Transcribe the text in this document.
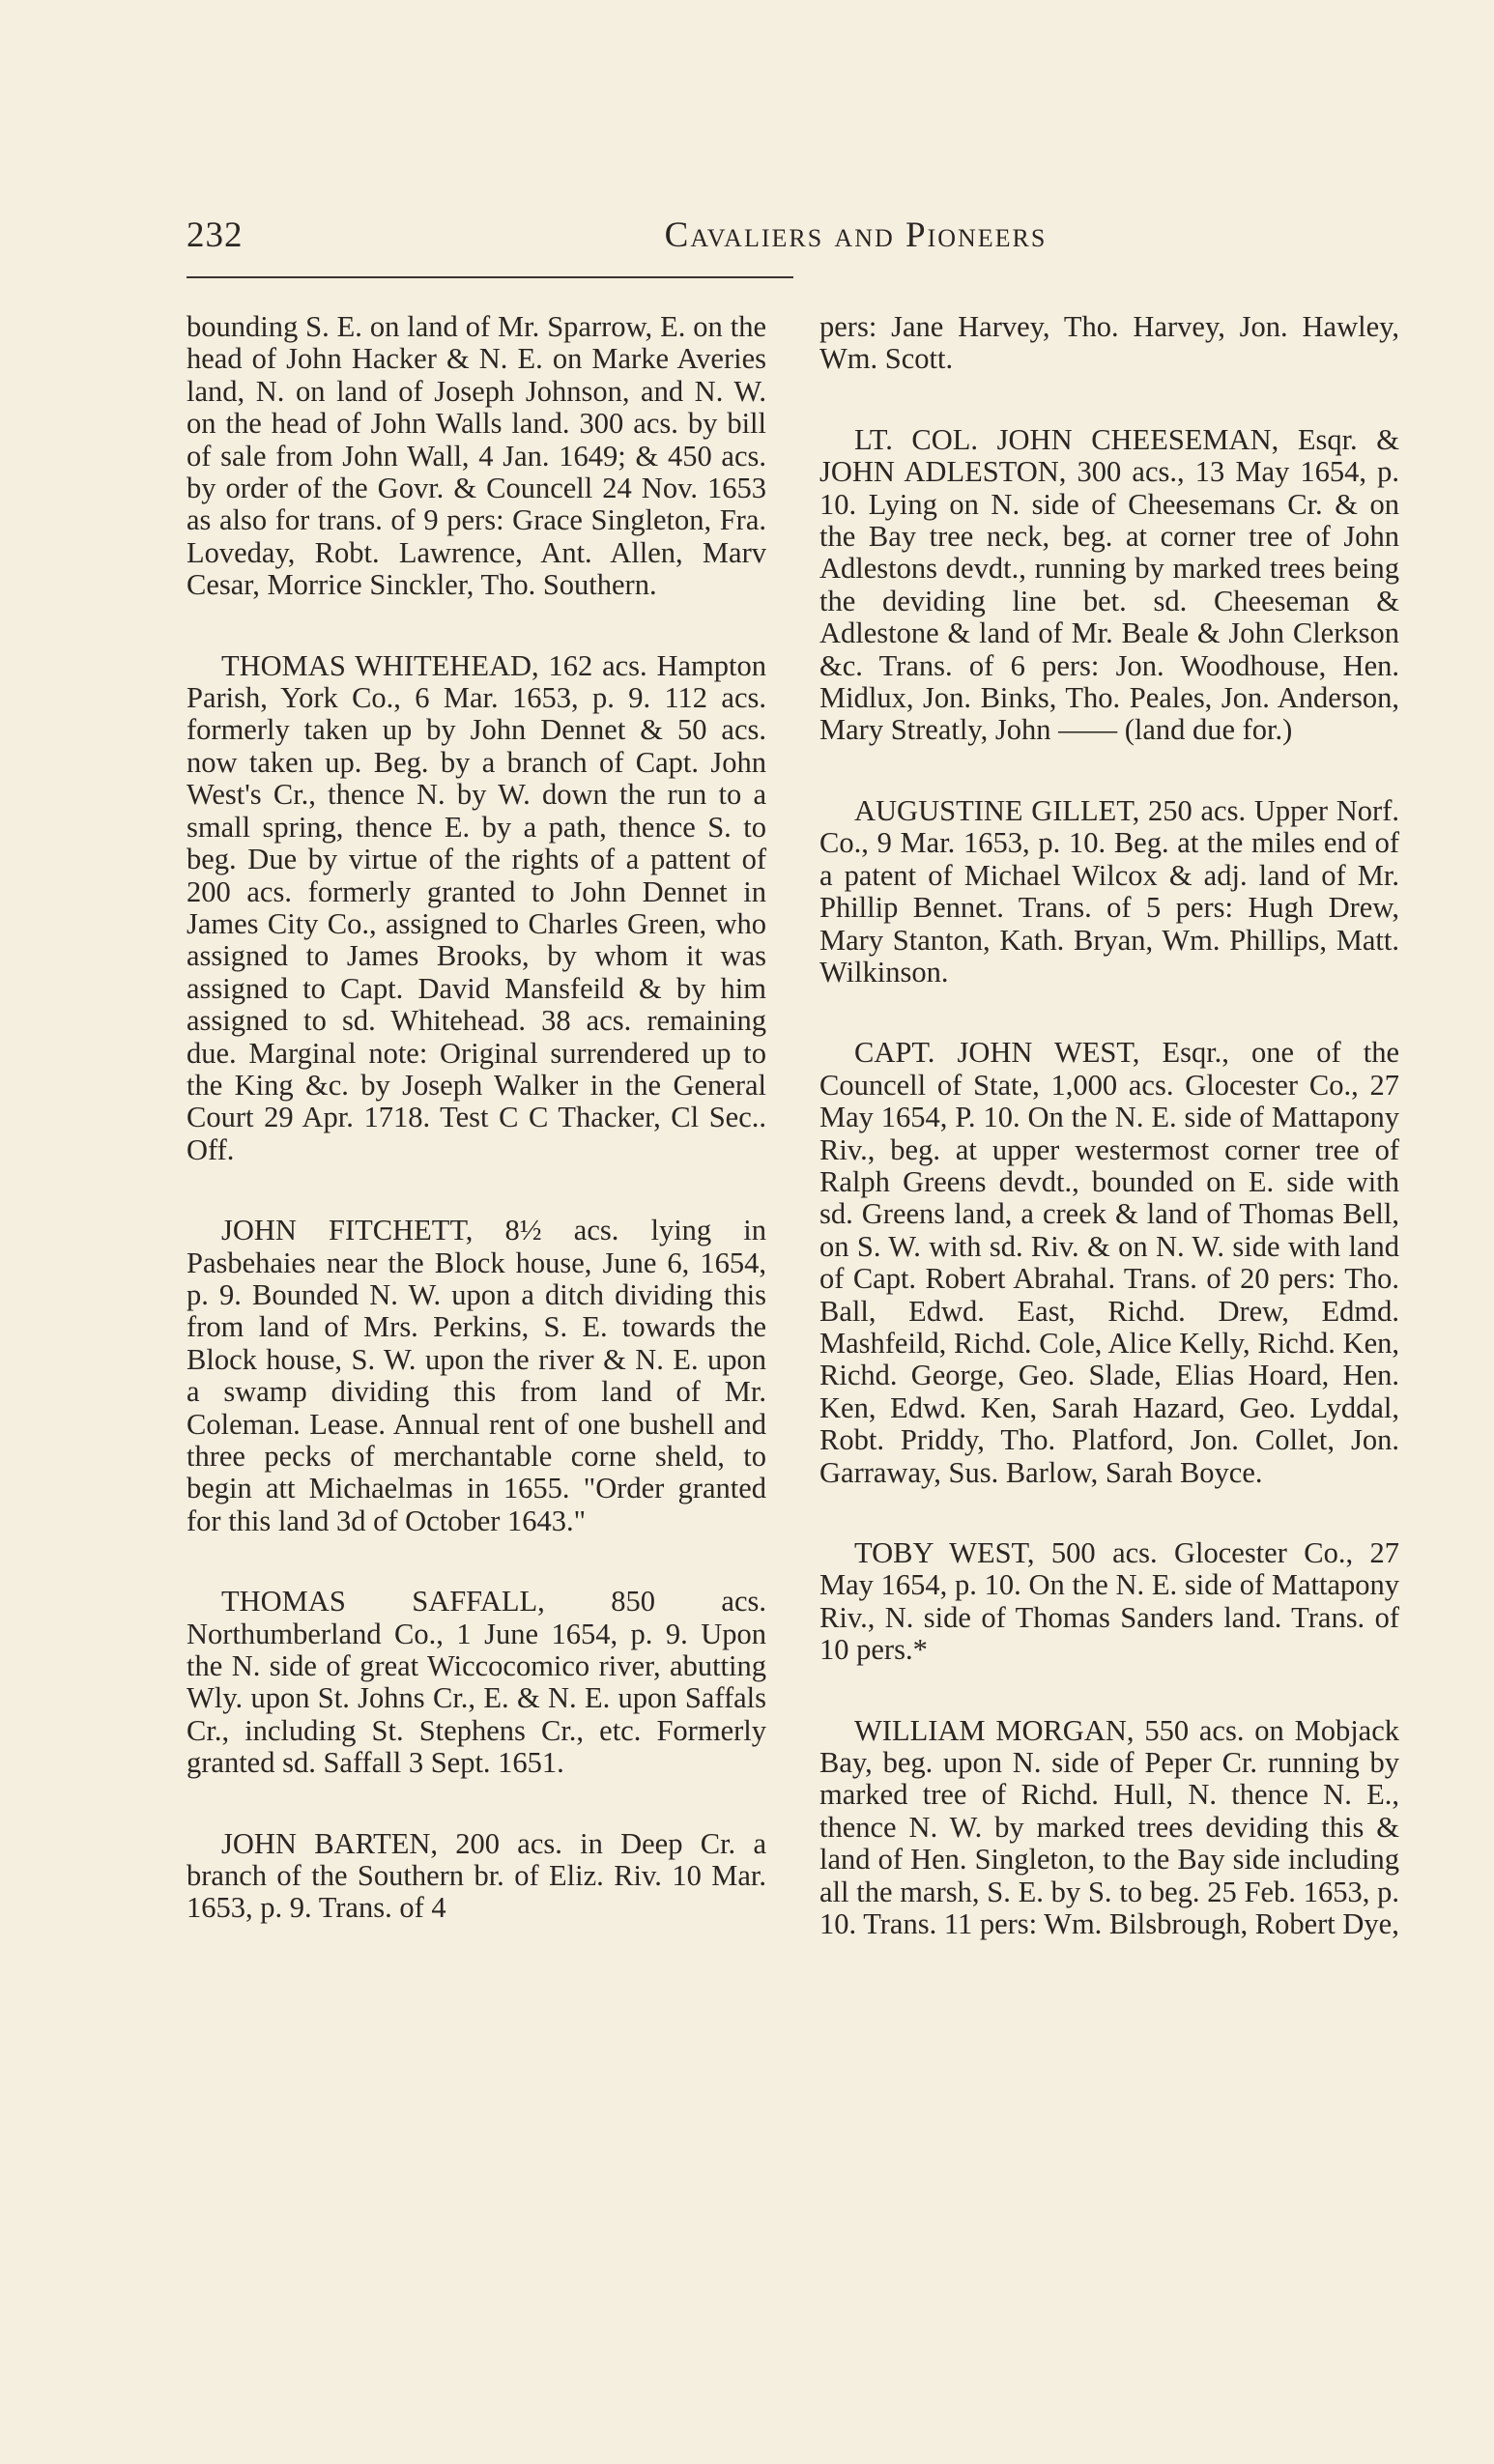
232	Cavaliers and Pioneers

bounding S. E. on land of Mr. Sparrow, E. on the head of John Hacker & N. E. on Marke Averies land, N. on land of Joseph Johnson, and N. W. on the head of John Walls land. 300 acs. by bill of sale from John Wall, 4 Jan. 1649; & 450 acs. by order of the Govr. & Councell 24 Nov. 1653 as also for trans. of 9 pers: Grace Singleton, Fra. Loveday, Robt. Lawrence, Ant. Allen, Marv Cesar, Morrice Sinckler, Tho. Southern.

THOMAS WHITEHEAD, 162 acs. Hampton Parish, York Co., 6 Mar. 1653, p. 9. 112 acs. formerly taken up by John Dennet & 50 acs. now taken up. Beg. by a branch of Capt. John West's Cr., thence N. by W. down the run to a small spring, thence E. by a path, thence S. to beg. Due by virtue of the rights of a pattent of 200 acs. formerly granted to John Dennet in James City Co., assigned to Charles Green, who assigned to James Brooks, by whom it was assigned to Capt. David Mansfeild & by him assigned to sd. Whitehead. 38 acs. remaining due. Marginal note: Original surrendered up to the King &c. by Joseph Walker in the General Court 29 Apr. 1718. Test C C Thacker, Cl Sec.. Off.

JOHN FITCHETT, 8½ acs. lying in Pasbehaies near the Block house, June 6, 1654, p. 9. Bounded N. W. upon a ditch dividing this from land of Mrs. Perkins, S. E. towards the Block house, S. W. upon the river & N. E. upon a swamp dividing this from land of Mr. Coleman. Lease. Annual rent of one bushell and three pecks of merchantable corne sheld, to begin att Michaelmas in 1655. "Order granted for this land 3d of October 1643."

THOMAS SAFFALL, 850 acs. Northumberland Co., 1 June 1654, p. 9. Upon the N. side of great Wiccocomico river, abutting Wly. upon St. Johns Cr., E. & N. E. upon Saffals Cr., including St. Stephens Cr., etc. Formerly granted sd. Saffall 3 Sept. 1651.

JOHN BARTEN, 200 acs. in Deep Cr. a branch of the Southern br. of Eliz. Riv. 10 Mar. 1653, p. 9. Trans. of 4

pers: Jane Harvey, Tho. Harvey, Jon. Hawley, Wm. Scott.

LT. COL. JOHN CHEESEMAN, Esqr. & JOHN ADLESTON, 300 acs., 13 May 1654, p. 10. Lying on N. side of Cheesemans Cr. & on the Bay tree neck, beg. at corner tree of John Adlestons devdt., running by marked trees being the deviding line bet. sd. Cheeseman & Adlestone & land of Mr. Beale & John Clerkson &c. Trans. of 6 pers: Jon. Woodhouse, Hen. Midlux, Jon. Binks, Tho. Peales, Jon. Anderson, Mary Streatly, John —— (land due for.)

AUGUSTINE GILLET, 250 acs. Upper Norf. Co., 9 Mar. 1653, p. 10. Beg. at the miles end of a patent of Michael Wilcox & adj. land of Mr. Phillip Bennet. Trans. of 5 pers: Hugh Drew, Mary Stanton, Kath. Bryan, Wm. Phillips, Matt. Wilkinson.

CAPT. JOHN WEST, Esqr., one of the Councell of State, 1,000 acs. Glocester Co., 27 May 1654, P. 10. On the N. E. side of Mattapony Riv., beg. at upper westermost corner tree of Ralph Greens devdt., bounded on E. side with sd. Greens land, a creek & land of Thomas Bell, on S. W. with sd. Riv. & on N. W. side with land of Capt. Robert Abrahal. Trans. of 20 pers: Tho. Ball, Edwd. East, Richd. Drew, Edmd. Mashfeild, Richd. Cole, Alice Kelly, Richd. Ken, Richd. George, Geo. Slade, Elias Hoard, Hen. Ken, Edwd. Ken, Sarah Hazard, Geo. Lyddal, Robt. Priddy, Tho. Platford, Jon. Collet, Jon. Garraway, Sus. Barlow, Sarah Boyce.

TOBY WEST, 500 acs. Glocester Co., 27 May 1654, p. 10. On the N. E. side of Mattapony Riv., N. side of Thomas Sanders land. Trans. of 10 pers.*

WILLIAM MORGAN, 550 acs. on Mobjack Bay, beg. upon N. side of Peper Cr. running by marked tree of Richd. Hull, N. thence N. E., thence N. W. by marked trees deviding this & land of Hen. Singleton, to the Bay side including all the marsh, S. E. by S. to beg. 25 Feb. 1653, p. 10. Trans. 11 pers: Wm. Bilsbrough, Robert Dye,
